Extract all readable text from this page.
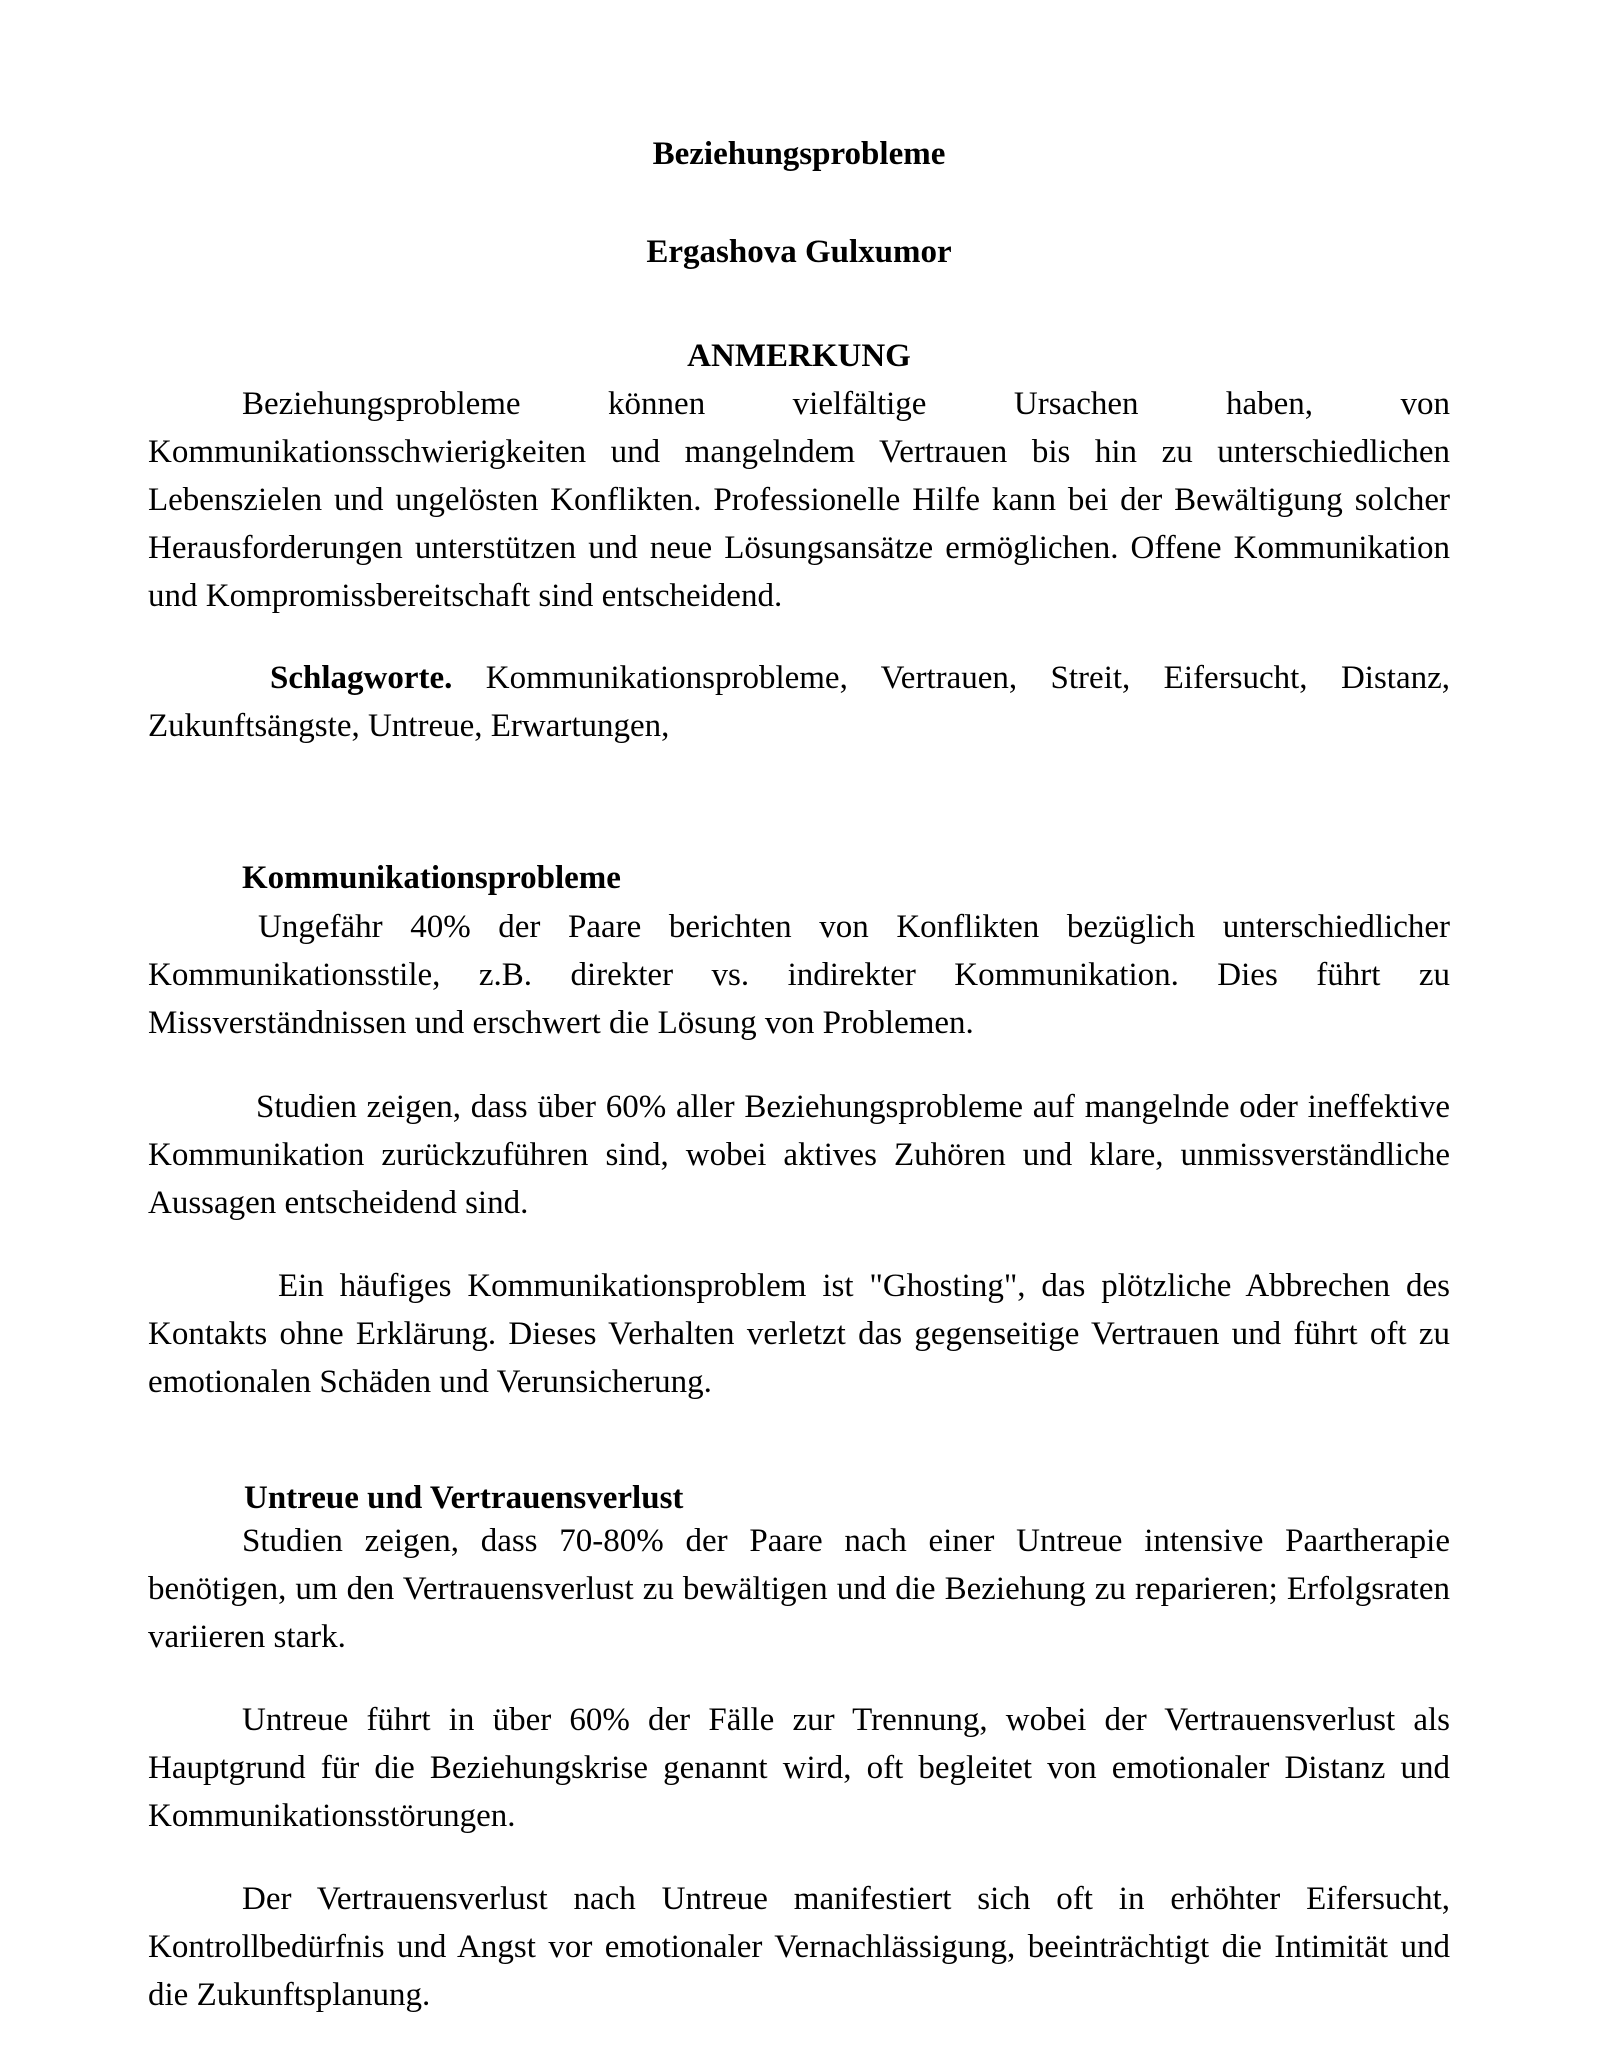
Beziehungsprobleme
Ergashova Gulxumor
ANMERKUNG

Beziehungsprobleme können vielfältige Ursachen haben, von Kommunikationsschwierigkeiten und mangelndem Vertrauen bis hin zu unterschiedlichen Lebenszielen und ungelösten Konflikten. Professionelle Hilfe kann bei der Bewältigung solcher Herausforderungen unterstützen und neue Lösungsansätze ermöglichen. Offene Kommunikation und Kompromissbereitschaft sind entscheidend.

Schlagworte. Kommunikationsprobleme, Vertrauen, Streit, Eifersucht, Distanz, Zukunftsängste, Untreue, Erwartungen,

Kommunikationsprobleme

Ungefähr 40% der Paare berichten von Konflikten bezüglich unterschiedlicher Kommunikationsstile, z.B. direkter vs. indirekter Kommunikation. Dies führt zu Missverständnissen und erschwert die Lösung von Problemen.

Studien zeigen, dass über 60% aller Beziehungsprobleme auf mangelnde oder ineffektive Kommunikation zurückzuführen sind, wobei aktives Zuhören und klare, unmissverständliche Aussagen entscheidend sind.

Ein häufiges Kommunikationsproblem ist "Ghosting", das plötzliche Abbrechen des Kontakts ohne Erklärung. Dieses Verhalten verletzt das gegenseitige Vertrauen und führt oft zu emotionalen Schäden und Verunsicherung.

Untreue und Vertrauensverlust

Studien zeigen, dass 70-80% der Paare nach einer Untreue intensive Paartherapie benötigen, um den Vertrauensverlust zu bewältigen und die Beziehung zu reparieren; Erfolgsraten variieren stark.

Untreue führt in über 60% der Fälle zur Trennung, wobei der Vertrauensverlust als Hauptgrund für die Beziehungskrise genannt wird, oft begleitet von emotionaler Distanz und Kommunikationsstörungen.

Der Vertrauensverlust nach Untreue manifestiert sich oft in erhöhter Eifersucht, Kontrollbedürfnis und Angst vor emotionaler Vernachlässigung, beeinträchtigt die Intimität und die Zukunftsplanung.
